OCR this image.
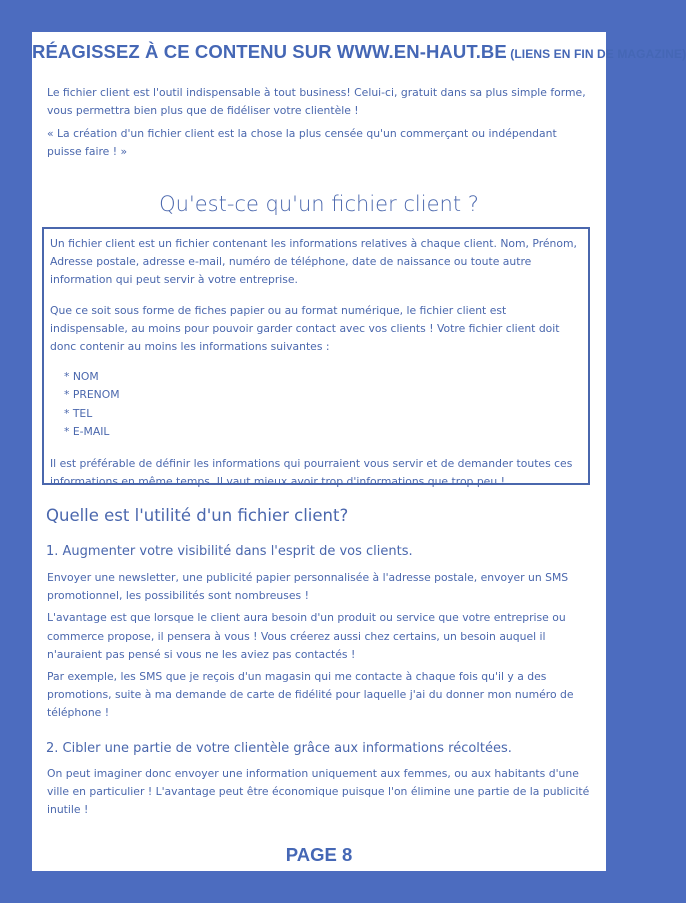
RÉAGISSEZ À CE CONTENU SUR WWW.EN-HAUT.BE (LIENS EN FIN DE MAGAZINE)

Le fichier client est l'outil indispensable à tout business! Celui-ci, gratuit dans sa plus simple forme, vous permettra bien plus que de fidéliser votre clientèle !

« La création d'un fichier client est la chose la plus censée qu'un commerçant ou indépendant puisse faire ! »

Qu'est-ce qu'un fichier client ?

Un fichier client est un fichier contenant les informations relatives à chaque client. Nom, Prénom, Adresse postale, adresse e-mail, numéro de téléphone, date de naissance ou toute autre information qui peut servir à votre entreprise.

Que ce soit sous forme de fiches papier ou au format numérique, le fichier client est indispensable, au moins pour pouvoir garder contact avec vos clients ! Votre fichier client doit donc contenir au moins les informations suivantes :

* NOM
* PRENOM
* TEL
* E-MAIL

Il est préférable de définir les informations qui pourraient vous servir et de demander toutes ces informations en même temps. Il vaut mieux avoir trop d'informations que trop peu !

Quelle est l'utilité d'un fichier client?
1. Augmenter votre visibilité dans l'esprit de vos clients.

Envoyer une newsletter, une publicité papier personnalisée à l'adresse postale, envoyer un SMS promotionnel, les possibilités sont nombreuses !

L'avantage est que lorsque le client aura besoin d'un produit ou service que votre entreprise ou commerce propose, il pensera à vous ! Vous créerez aussi chez certains, un besoin auquel il n'auraient pas pensé si vous ne les aviez pas contactés !

Par exemple, les SMS que je reçois d'un magasin qui me contacte à chaque fois qu'il y a des promotions, suite à ma demande de carte de fidélité pour laquelle j'ai du donner mon numéro de téléphone !

2. Cibler une partie de votre clientèle grâce aux informations récoltées.

On peut imaginer donc envoyer une information uniquement aux femmes, ou aux habitants d'une ville en particulier ! L'avantage peut être économique puisque l'on élimine une partie de la publicité inutile !

PAGE 8
